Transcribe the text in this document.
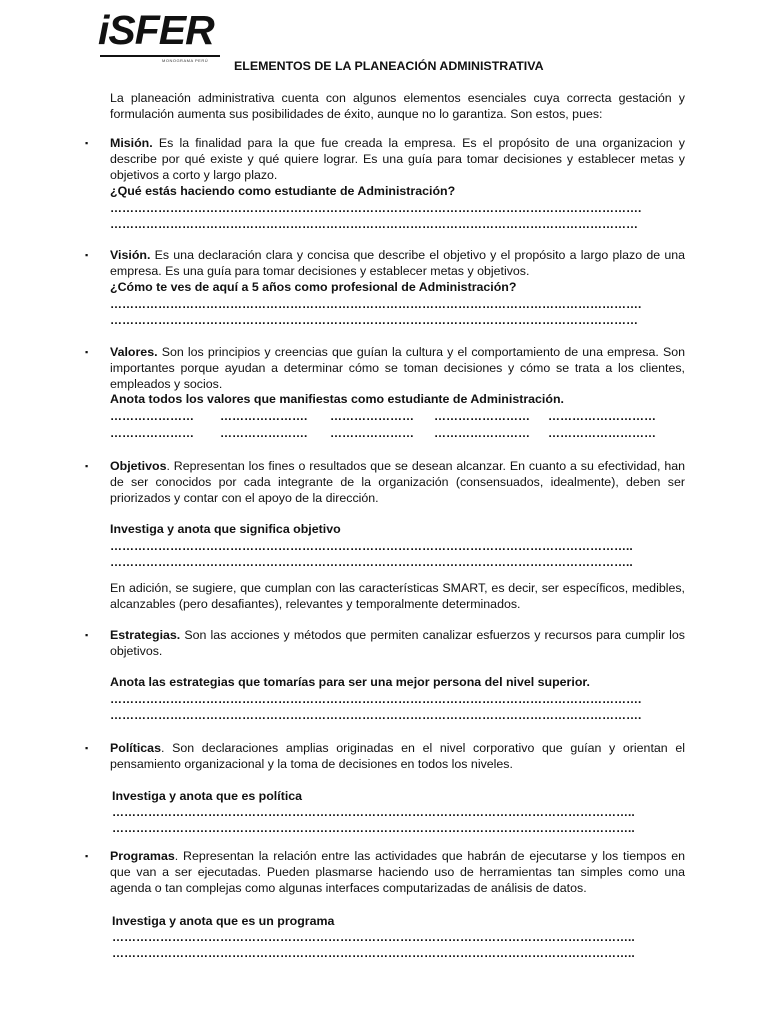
iSFER
MONOGRAMA PERÚ ELEMENTOS DE LA PLANEACIÓN ADMINISTRATIVA
La planeación administrativa cuenta con algunos elementos esenciales cuya correcta gestación y formulación aumenta sus posibilidades de éxito, aunque no lo garantiza. Son estos, pues:
▪ Misión. Es la finalidad para la que fue creada la empresa. Es el propósito de una organizacion y describe por qué existe y qué quiere lograr. Es una guía para tomar decisiones y establecer metas y objetivos a corto y largo plazo.
¿Qué estás haciendo como estudiante de Administración?
…………………………………………………………………………………………………………………….
……………………………………………………………………………………………………………………
▪ Visión. Es una declaración clara y concisa que describe el objetivo y el propósito a largo plazo de una empresa. Es una guía para tomar decisiones y establecer metas y objetivos.
¿Cómo te ves de aquí a 5 años como profesional de Administración?
…………………………………………………………………………………………………………………….
……………………………………………………………………………………………………………………
▪ Valores. Son los principios y creencias que guían la cultura y el comportamiento de una empresa. Son importantes porque ayudan a determinar cómo se toman decisiones y cómo se trata a los clientes, empleados y socios.
Anota todos los valores que manifiestas como estudiante de Administración.
………………… …………………. ………………… …………………… ………………………
………………… …………………. ………………… …………………… ………………………
▪ Objetivos. Representan los fines o resultados que se desean alcanzar. En cuanto a su efectividad, han de ser conocidos por cada integrante de la organización (consensuados, idealmente), deben ser priorizados y contar con el apoyo de la dirección.
Investiga y anota que significa objetivo
…………………………………………………………………………………………………………………..
…………………………………………………………………………………………………………………..
En adición, se sugiere, que cumplan con las características SMART, es decir, ser específicos, medibles, alcanzables (pero desafiantes), relevantes y temporalmente determinados.
▪ Estrategias. Son las acciones y métodos que permiten canalizar esfuerzos y recursos para cumplir los objetivos.
Anota las estrategias que tomarías para ser una mejor persona del nivel superior.
…………………………………………………………………………………………………………………….
…………………………………………………………………………………………………………………….
▪ Políticas. Son declaraciones amplias originadas en el nivel corporativo que guían y orientan el pensamiento organizacional y la toma de decisiones en todos los niveles.
Investiga y anota que es política
…………………………………………………………………………………………………………………..
…………………………………………………………………………………………………………………..
▪ Programas. Representan la relación entre las actividades que habrán de ejecutarse y los tiempos en que van a ser ejecutadas. Pueden plasmarse haciendo uso de herramientas tan simples como una agenda o tan complejas como algunas interfaces computarizadas de análisis de datos.
Investiga y anota que es un programa
…………………………………………………………………………………………………………………..
…………………………………………………………………………………………………………………..
